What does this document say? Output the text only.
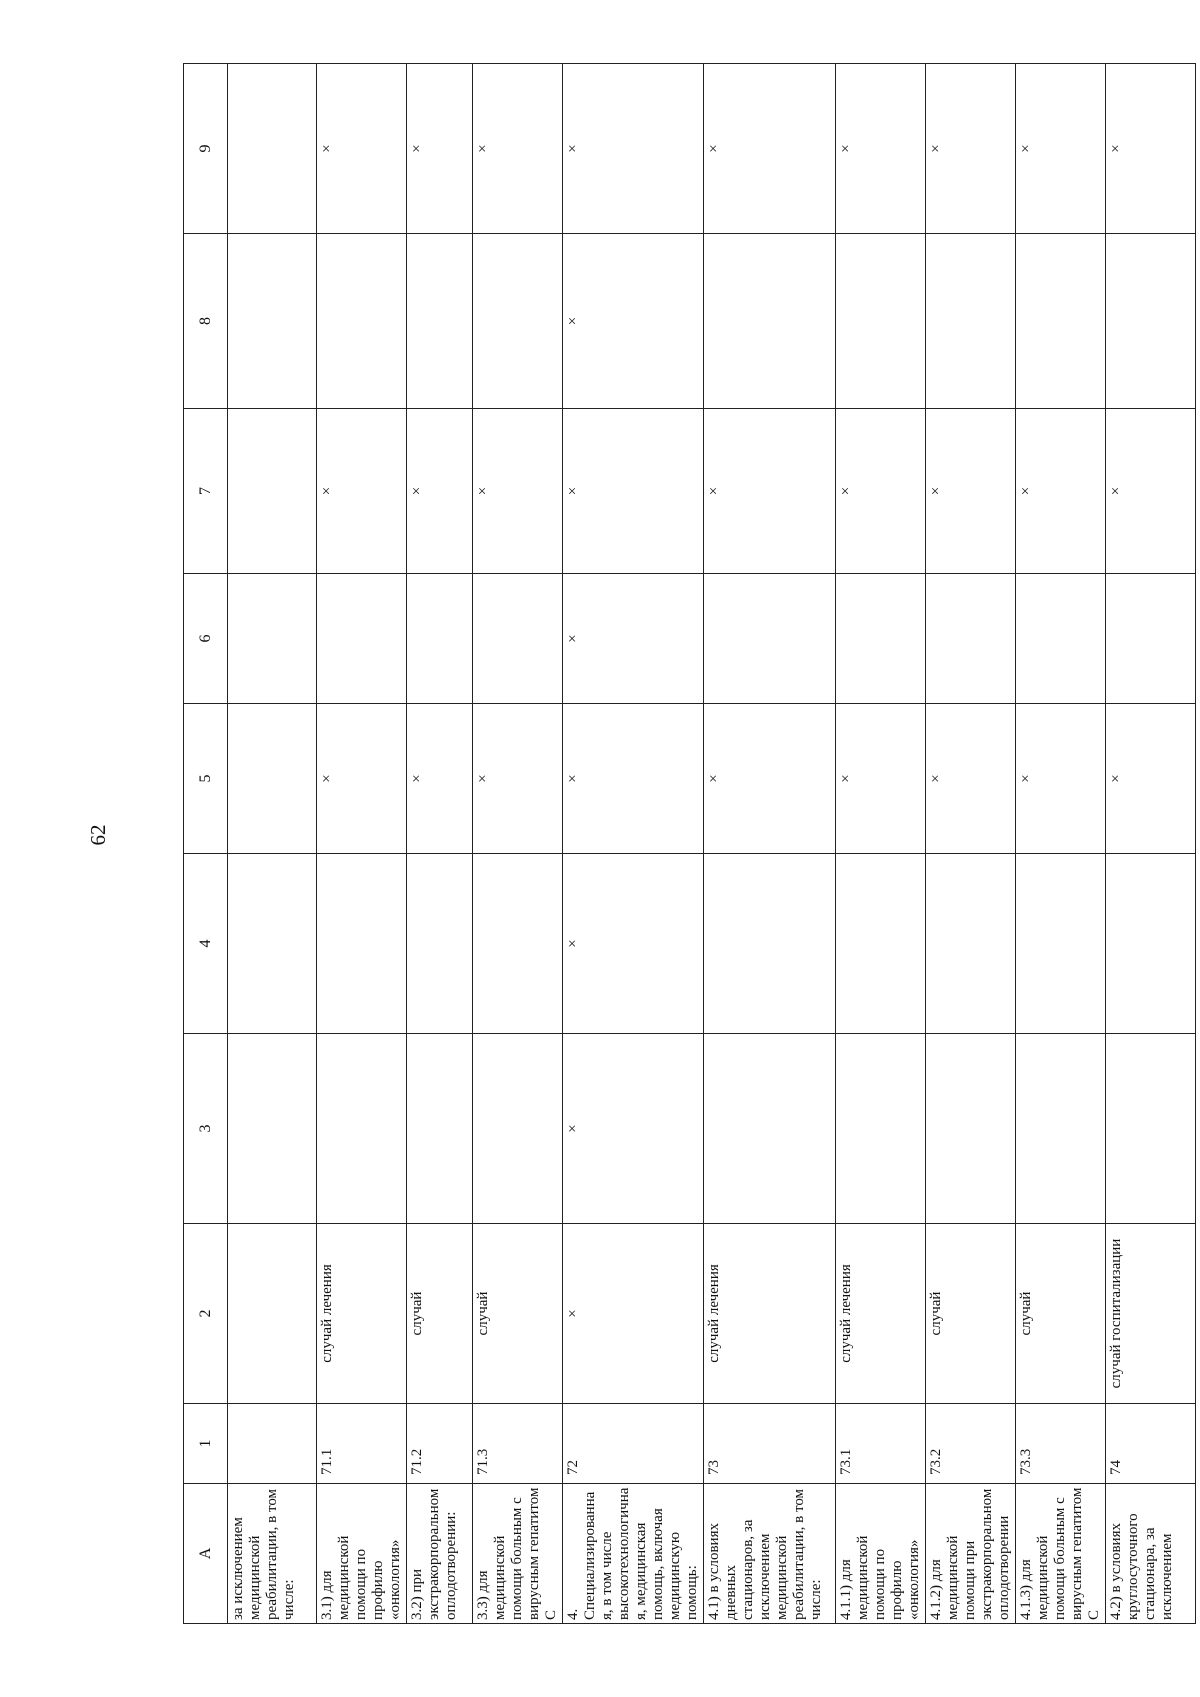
62
А	1	2	3	4	5	6	7	8	9
за исключением медицинской реабилитации, в том числе:									
3.1) для медицинской помощи по профилю «онкология»	71.1	случай лечения			×		×		×
3.2) при экстракорпоральном оплодотворении:	71.2	случай			×		×		×
3.3) для медицинской помощи больным с вирусным гепатитом С	71.3	случай			×		×		×
4. Специализированная, в том числе высокотехнологичная, медицинская помощь, включая медицинскую помощь:	72	×	×	×	×	×	×	×	×
4.1) в условиях дневных стационаров, за исключением медицинской реабилитации, в том числе:	73	случай лечения			×		×		×
4.1.1) для медицинской помощи по профилю «онкология»	73.1	случай лечения			×		×		×
4.1.2) для медицинской помощи при экстракорпоральном оплодотворении	73.2	случай			×		×		×
4.1.3) для медицинской помощи больным с вирусным гепатитом С	73.3	случай			×		×		×
4.2) в условиях круглосуточного стационара, за исключением	74	случай госпитализации			×		×		×
